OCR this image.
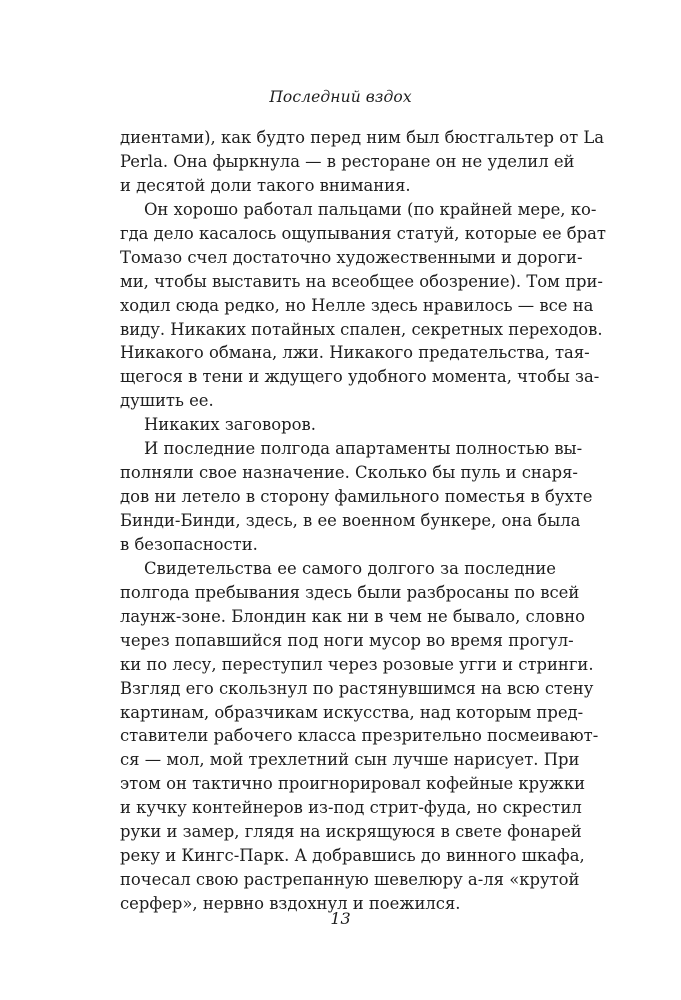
Последний вздох
диентами), как будто перед ним был бюстгальтер от La
Perla. Она фыркнула — в ресторане он не уделил ей
и десятой доли такого внимания.
Он хорошо работал пальцами (по крайней мере, ко-
гда дело касалось ощупывания статуй, которые ее брат
Томазо счел достаточно художественными и дороги-
ми, чтобы выставить на всеобщее обозрение). Том при-
ходил сюда редко, но Нелле здесь нравилось — все на
виду. Никаких потайных спален, секретных переходов.
Никакого обмана, лжи. Никакого предательства, тая-
щегося в тени и ждущего удобного момента, чтобы за-
душить ее.
Никаких заговоров.
И последние полгода апартаменты полностью вы-
полняли свое назначение. Сколько бы пуль и снаря-
дов ни летело в сторону фамильного поместья в бухте
Бинди-Бинди, здесь, в ее военном бункере, она была
в безопасности.
Свидетельства ее самого долгого за последние
полгода пребывания здесь были разбросаны по всей
лаунж-зоне. Блондин как ни в чем не бывало, словно
через попавшийся под ноги мусор во время прогул-
ки по лесу, переступил через розовые угги и стринги.
Взгляд его скользнул по растянувшимся на всю стену
картинам, образчикам искусства, над которым пред-
ставители рабочего класса презрительно посмеивают-
ся — мол, мой трехлетний сын лучше нарисует. При
этом он тактично проигнорировал кофейные кружки
и кучку контейнеров из-под стрит-фуда, но скрестил
руки и замер, глядя на искрящуюся в свете фонарей
реку и Кингс-Парк. А добравшись до винного шкафа,
почесал свою растрепанную шевелюру а-ля «крутой
серфер», нервно вздохнул и поежился.
13
